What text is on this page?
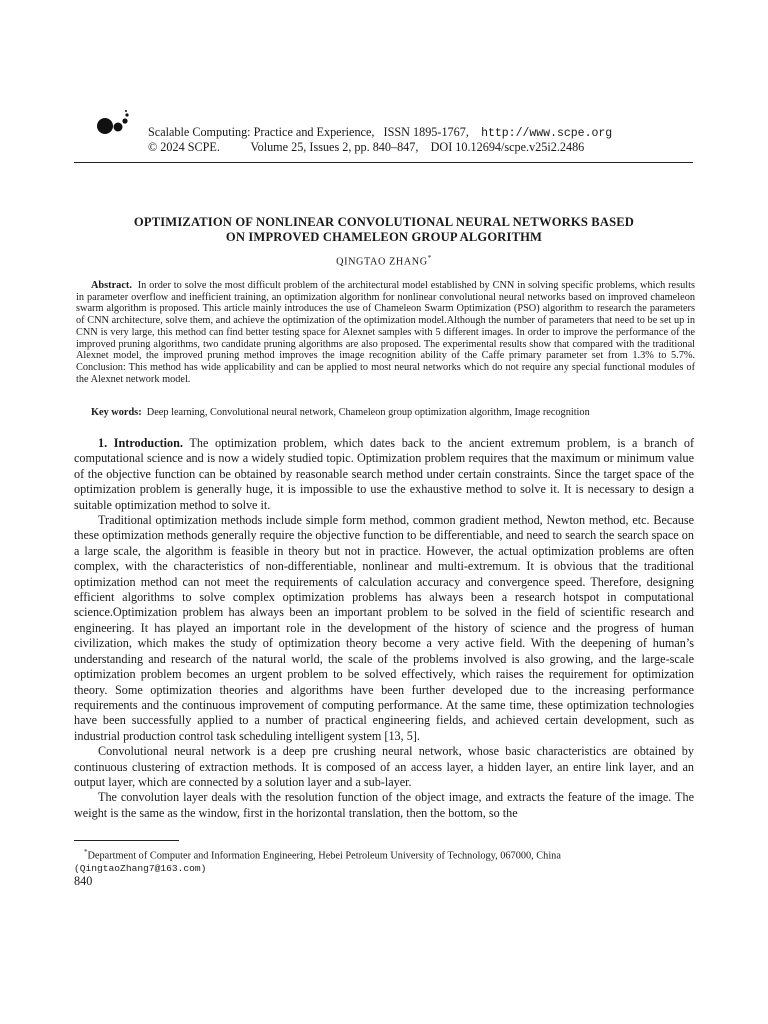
Scalable Computing: Practice and Experience, ISSN 1895-1767, http://www.scpe.org
© 2024 SCPE. Volume 25, Issues 2, pp. 840–847, DOI 10.12694/scpe.v25i2.2486
OPTIMIZATION OF NONLINEAR CONVOLUTIONAL NEURAL NETWORKS BASED
ON IMPROVED CHAMELEON GROUP ALGORITHM
QINGTAO ZHANG*

Abstract. In order to solve the most difficult problem of the architectural model established by CNN in solving specific problems, which results in parameter overflow and inefficient training, an optimization algorithm for nonlinear convolutional neural networks based on improved chameleon swarm algorithm is proposed. This article mainly introduces the use of Chameleon Swarm Optimization (PSO) algorithm to research the parameters of CNN architecture, solve them, and achieve the optimization of the optimization model.Although the number of parameters that need to be set up in CNN is very large, this method can find better testing space for Alexnet samples with 5 different images. In order to improve the performance of the improved pruning algorithms, two candidate pruning algorithms are also proposed. The experimental results show that compared with the traditional Alexnet model, the improved pruning method improves the image recognition ability of the Caffe primary parameter set from 1.3% to 5.7%. Conclusion: This method has wide applicability and can be applied to most neural networks which do not require any special functional modules of the Alexnet network model.

Key words: Deep learning, Convolutional neural network, Chameleon group optimization algorithm, Image recognition

1. Introduction. The optimization problem, which dates back to the ancient extremum problem, is a branch of computational science and is now a widely studied topic. Optimization problem requires that the maximum or minimum value of the objective function can be obtained by reasonable search method under certain constraints. Since the target space of the optimization problem is generally huge, it is impossible to use the exhaustive method to solve it. It is necessary to design a suitable optimization method to solve it.

Traditional optimization methods include simple form method, common gradient method, Newton method, etc. Because these optimization methods generally require the objective function to be differentiable, and need to search the search space on a large scale, the algorithm is feasible in theory but not in practice. However, the actual optimization problems are often complex, with the characteristics of non-differentiable, nonlinear and multi-extremum. It is obvious that the traditional optimization method can not meet the requirements of calculation accuracy and convergence speed. Therefore, designing efficient algorithms to solve complex optimization problems has always been a research hotspot in computational science.Optimization problem has always been an important problem to be solved in the field of scientific research and engineering. It has played an important role in the development of the history of science and the progress of human civilization, which makes the study of optimization theory become a very active field. With the deepening of human’s understanding and research of the natural world, the scale of the problems involved is also growing, and the large-scale optimization problem becomes an urgent problem to be solved effectively, which raises the requirement for optimization theory. Some optimization theories and algorithms have been further developed due to the increasing performance requirements and the continuous improvement of computing performance. At the same time, these optimization technologies have been successfully applied to a number of practical engineering fields, and achieved certain development, such as industrial production control task scheduling intelligent system [13, 5].

Convolutional neural network is a deep pre crushing neural network, whose basic characteristics are obtained by continuous clustering of extraction methods. It is composed of an access layer, a hidden layer, an entire link layer, and an output layer, which are connected by a solution layer and a sub-layer.

The convolution layer deals with the resolution function of the object image, and extracts the feature of the image. The weight is the same as the window, first in the horizontal translation, then the bottom, so the

*Department of Computer and Information Engineering, Hebei Petroleum University of Technology, 067000, China
(QingtaoZhang7@163.com)

840
